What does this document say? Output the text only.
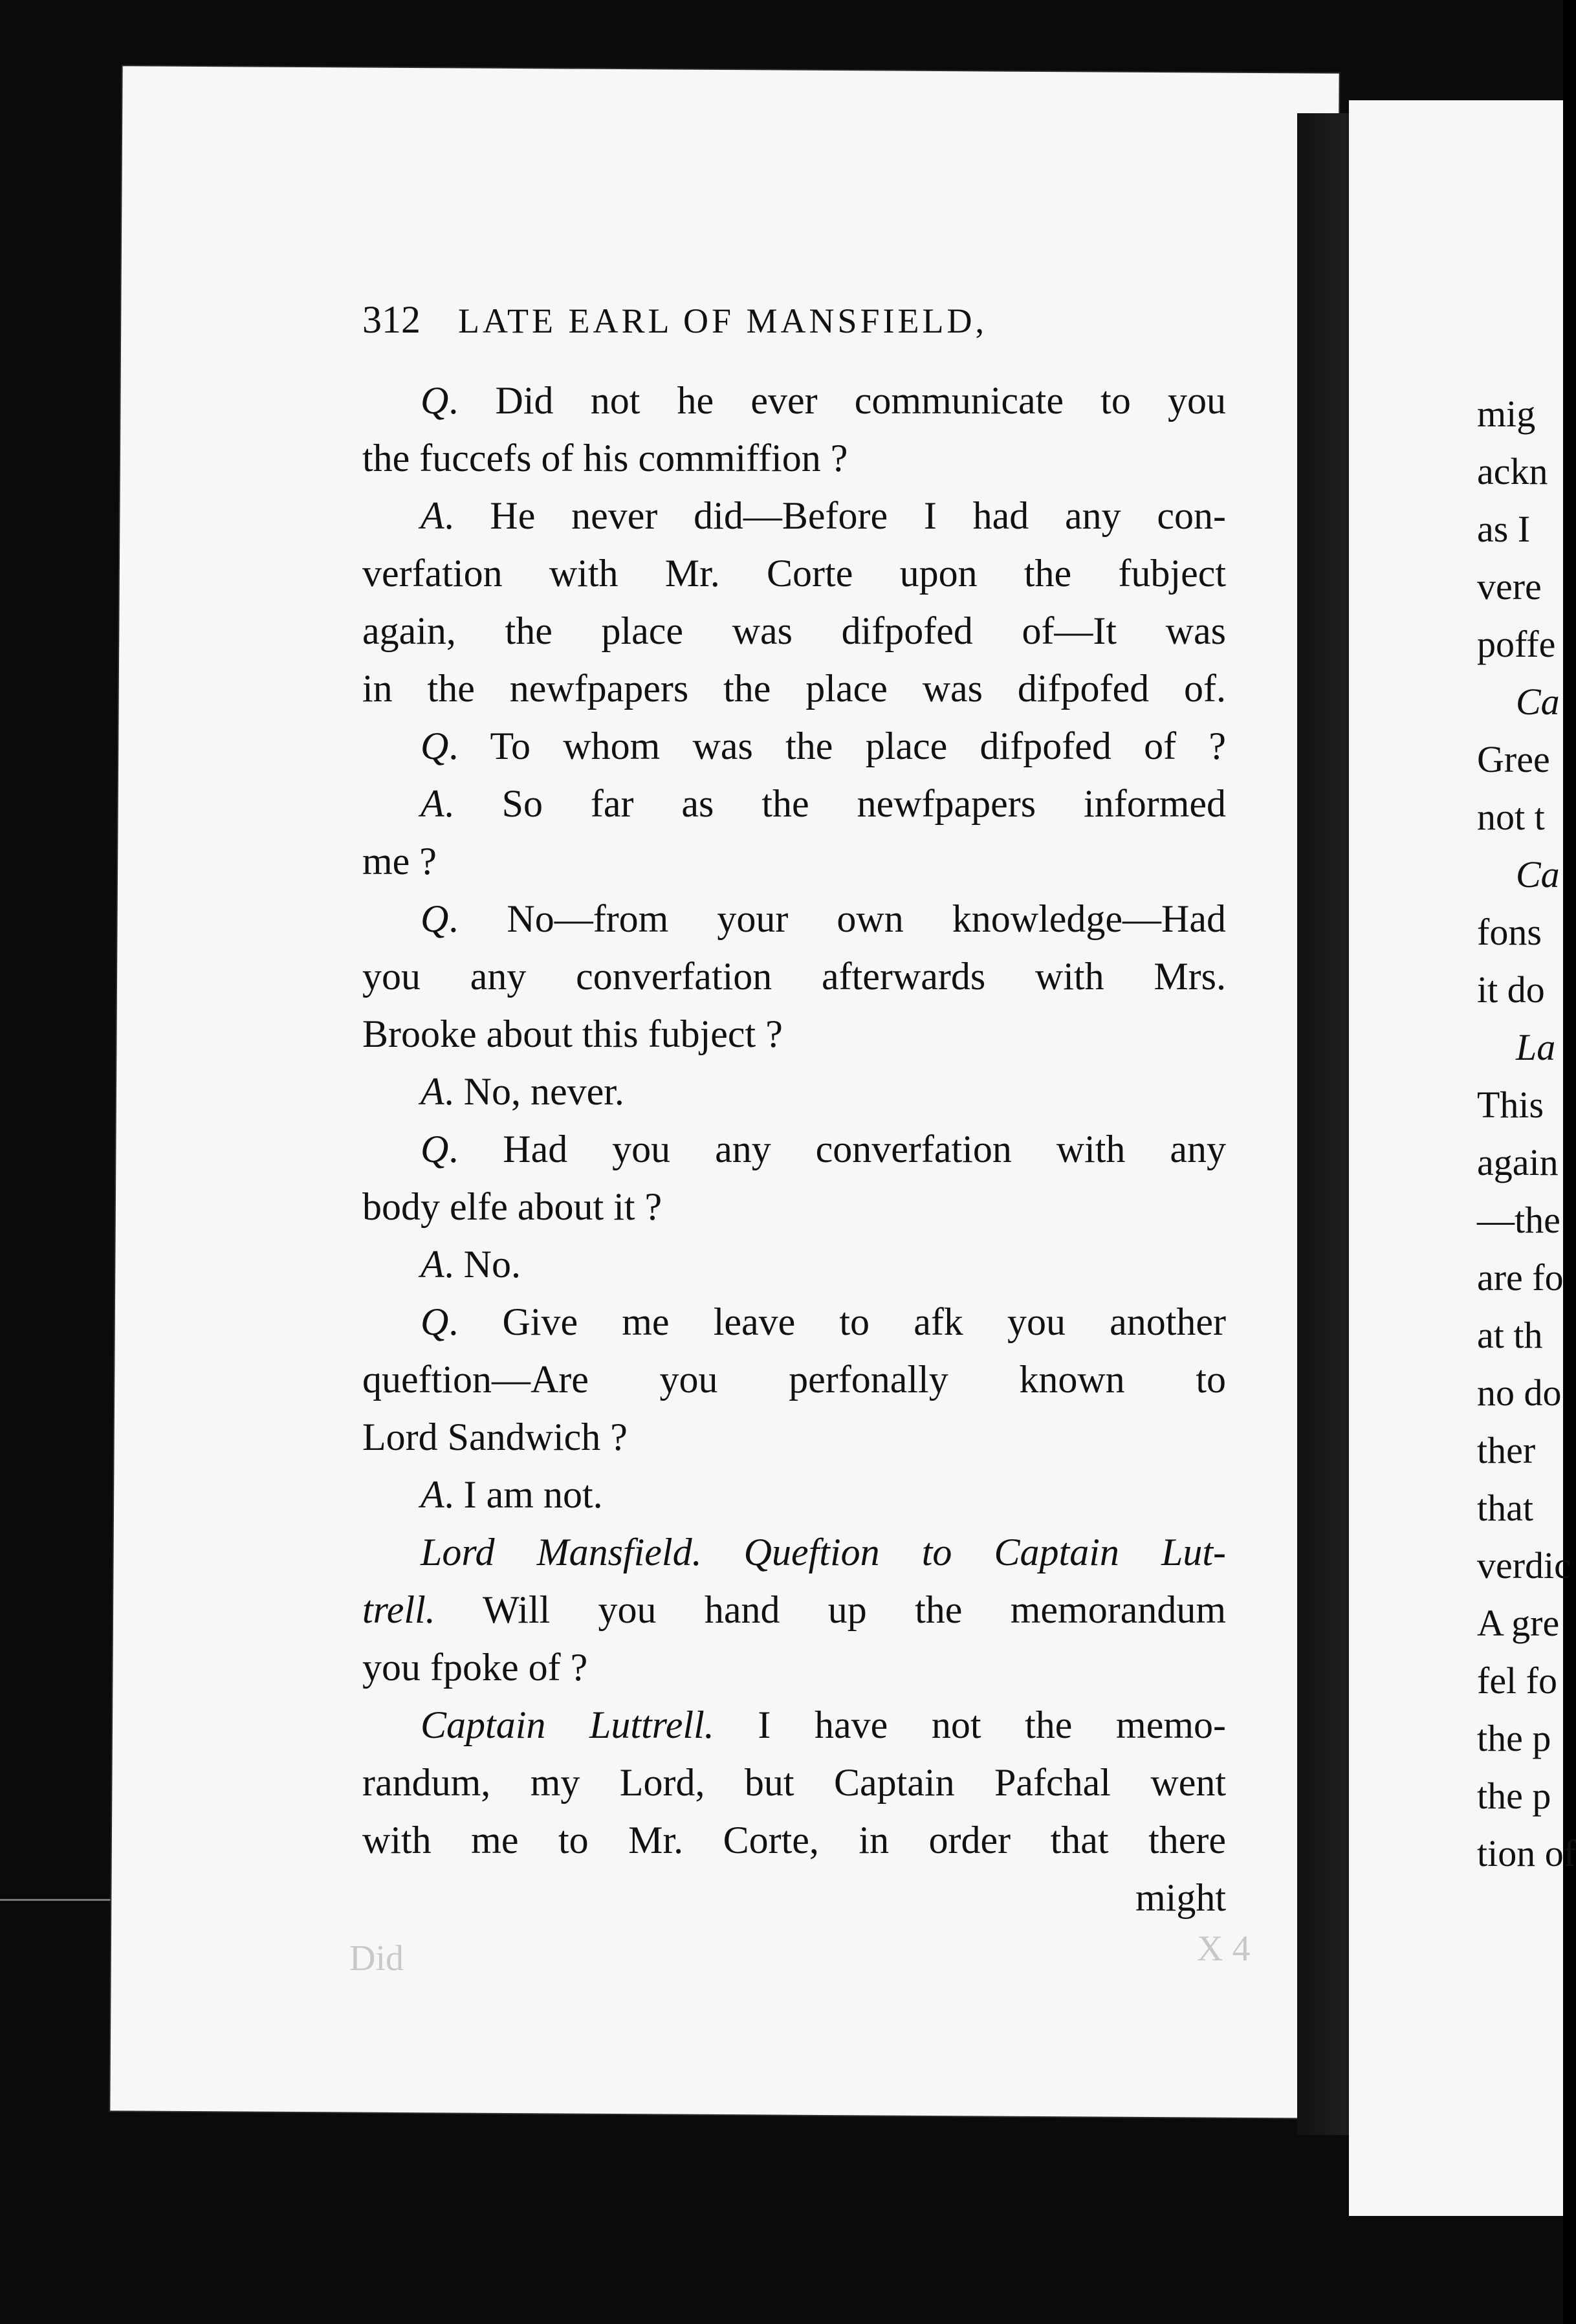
312 LATE EARL OF MANSFIELD,
Q. Did not he ever communicate to you
the fuccefs of his commiffion ?
A. He never did—Before I had any con-
verfation with Mr. Corte upon the fubject
again, the place was difpofed of—It was
in the newfpapers the place was difpofed of.
Q. To whom was the place difpofed of ?
A. So far as the newfpapers informed
me ?
Q. No—from your own knowledge—Had
you any converfation afterwards with Mrs.
Brooke about this fubject ?
A. No, never.
Q. Had you any converfation with any
body elfe about it ?
A. No.
Q. Give me leave to afk you another
queftion—Are you perfonally known to
Lord Sandwich ?
A. I am not.
Lord Mansfield. Queftion to Captain Lut-
trell. Will you hand up the memorandum
you fpoke of ?
Captain Luttrell. I have not the memo-
randum, my Lord, but Captain Pafchal went
with me to Mr. Corte, in order that there
might
mig
ackn
as I
vere
poffe
Ca
Gree
not t
Ca
fons
it do
La
This
again
—the
are fo
at th
no do
ther
that
verdic
A gre
fel fo
the p
the p
tion of
X 4
Did
